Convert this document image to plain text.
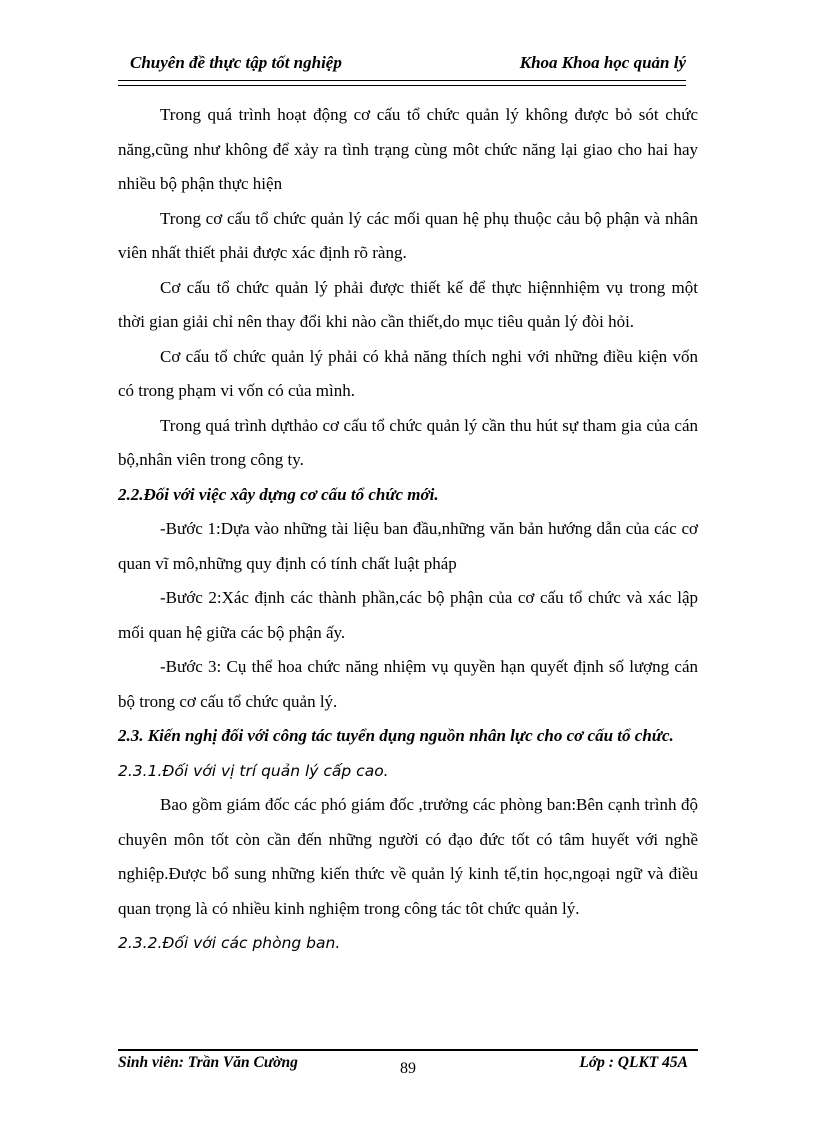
Chuyên đề thực tập tốt nghiệp	Khoa Khoa học quản lý

Trong quá trình hoạt động cơ cấu tổ chức quản lý không được bỏ sót chức năng,cũng như không để xảy ra tình trạng cùng môt chức năng lại giao cho hai hay nhiều bộ phận thực hiện

Trong cơ cấu tổ chức quản lý các mối quan hệ phụ thuộc cảu bộ phận và nhân viên nhất thiết phải được xác định rõ ràng.

Cơ cấu tổ chức quản lý phải được thiết kế để thực hiệnnhiệm vụ trong một thời gian giải chỉ nên thay đổi khi nào cần thiết,do mục tiêu quản lý đòi hỏi.

Cơ cấu tổ chức quản lý phải có khả năng thích nghi với những điều kiện vốn có trong phạm vi vốn có của mình.

Trong quá trình dựthảo cơ cấu tổ chức quản lý cần thu hút sự tham gia của cán bộ,nhân viên trong công ty.

2.2.Đối với việc xây dựng cơ cấu tổ chức mới.

-Bước 1:Dựa vào những tài liệu ban đầu,những văn bản hướng dẫn của các cơ quan vĩ mô,những quy định có tính chất luật pháp

-Bước 2:Xác định các thành phần,các bộ phận của cơ cấu tổ chức và xác lập mối quan hệ giữa các bộ phận ấy.

-Bước 3: Cụ thể hoa chức năng nhiệm vụ quyền hạn quyết định số lượng cán bộ trong cơ cấu tổ chức quản lý.

2.3. Kiến nghị đối với công tác tuyển dụng nguồn nhân lực cho cơ cấu tổ chức.

2.3.1.Đối với vị trí quản lý cấp cao.

Bao gồm giám đốc các phó giám đốc ,trưởng các phòng ban:Bên cạnh trình độ chuyên môn tốt còn cần đến những người có đạo đức tốt có tâm huyết với nghề nghiệp.Được bổ sung những kiến thức về quản lý kinh tế,tin học,ngoại ngữ và điều quan trọng là có nhiều kinh nghiệm trong công tác tôt chức quản lý.

2.3.2.Đối với các phòng ban.

Sinh viên: Trần Văn Cường	89	Lớp : QLKT 45A
